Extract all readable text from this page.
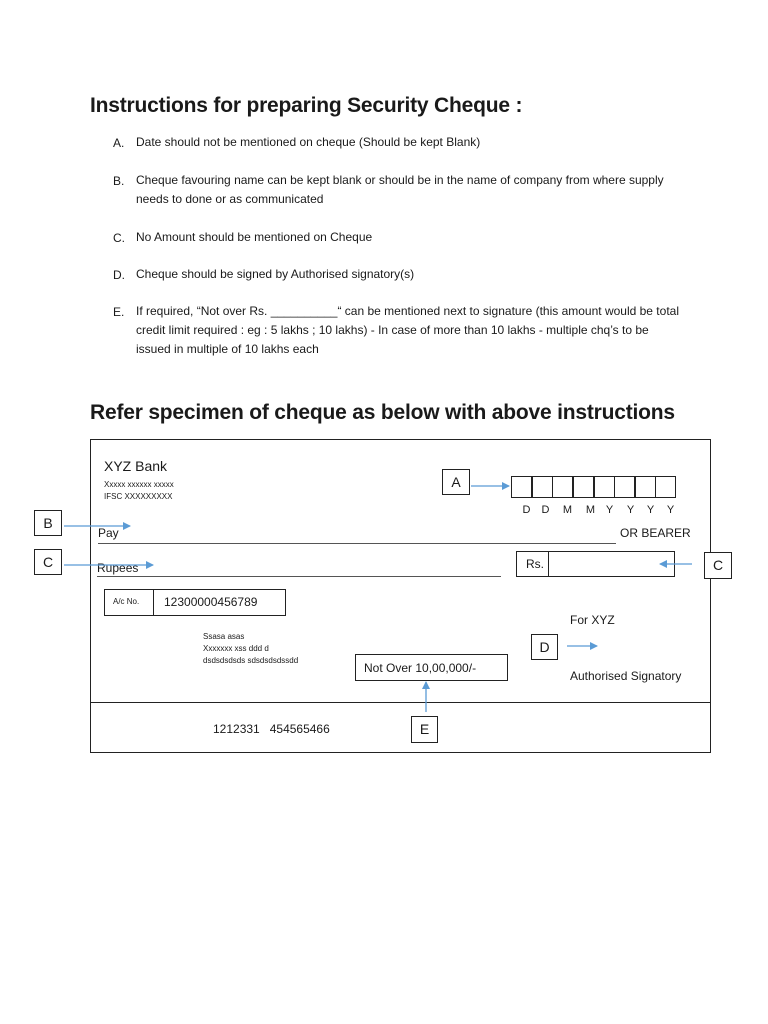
Instructions for preparing Security Cheque :
A. Date should not be mentioned on cheque (Should be kept Blank)
B. Cheque favouring name can be kept blank or should be in the name of company from where supply needs to done or as communicated
C. No Amount should be mentioned on Cheque
D. Cheque should be signed by Authorised signatory(s)
E. If required, “Not over Rs. __________“ can be mentioned next to signature (this amount would be total credit limit required : eg : 5 lakhs ; 10 lakhs) - In case of more than 10 lakhs - multiple chq’s to be issued in multiple of 10 lakhs each
Refer specimen of cheque as below with above instructions
XYZ Bank
Xxxxx xxxxxx xxxxx
IFSC XXXXXXXXX
D	D	M	M Y	Y	Y	Y
Pay	OR BEARER
Rupees	Rs.
A/c No. 12300000456789
Ssasa asas
Xxxxxxx xss ddd d
dsdsdsdsds sdsdsdsdssdd
Not Over 10,00,000/-
For XYZ
Authorised Signatory
1212331   454565466
A
B
C	C
D
E
